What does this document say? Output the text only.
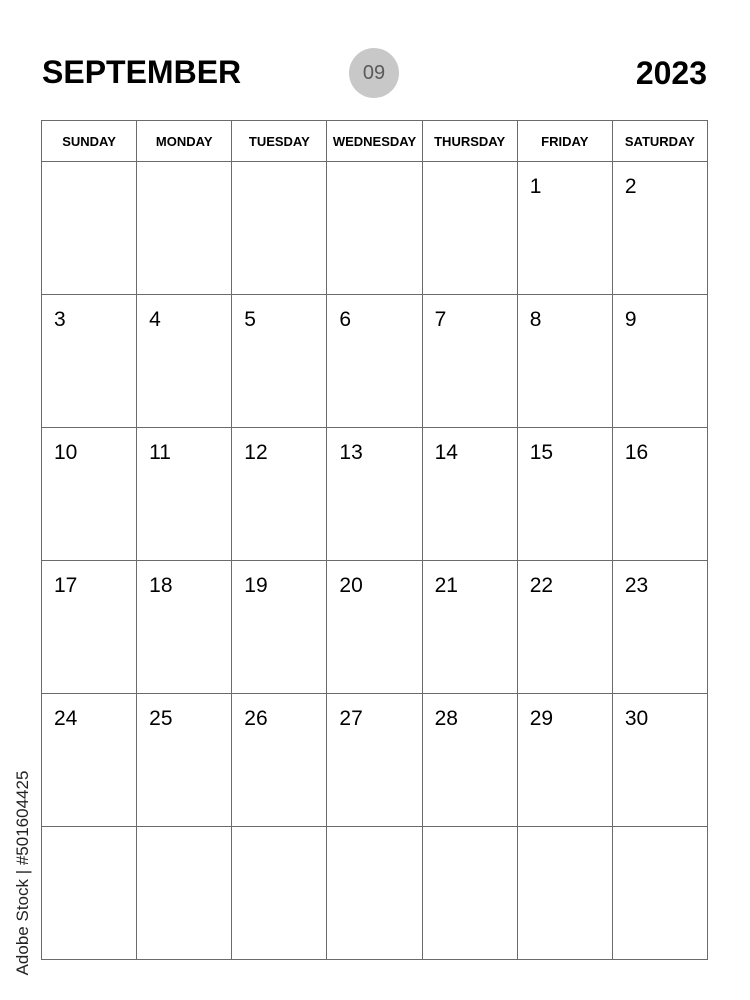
SEPTEMBER	09	2023
SUNDAY	MONDAY	TUESDAY	WEDNESDAY	THURSDAY	FRIDAY	SATURDAY

					1	2

3	4	5	6	7	8	9

10	11	12	13	14	15	16

17	18	19	20	21	22	23

24	25	26	27	28	29	30

Adobe Stock | #501604425
